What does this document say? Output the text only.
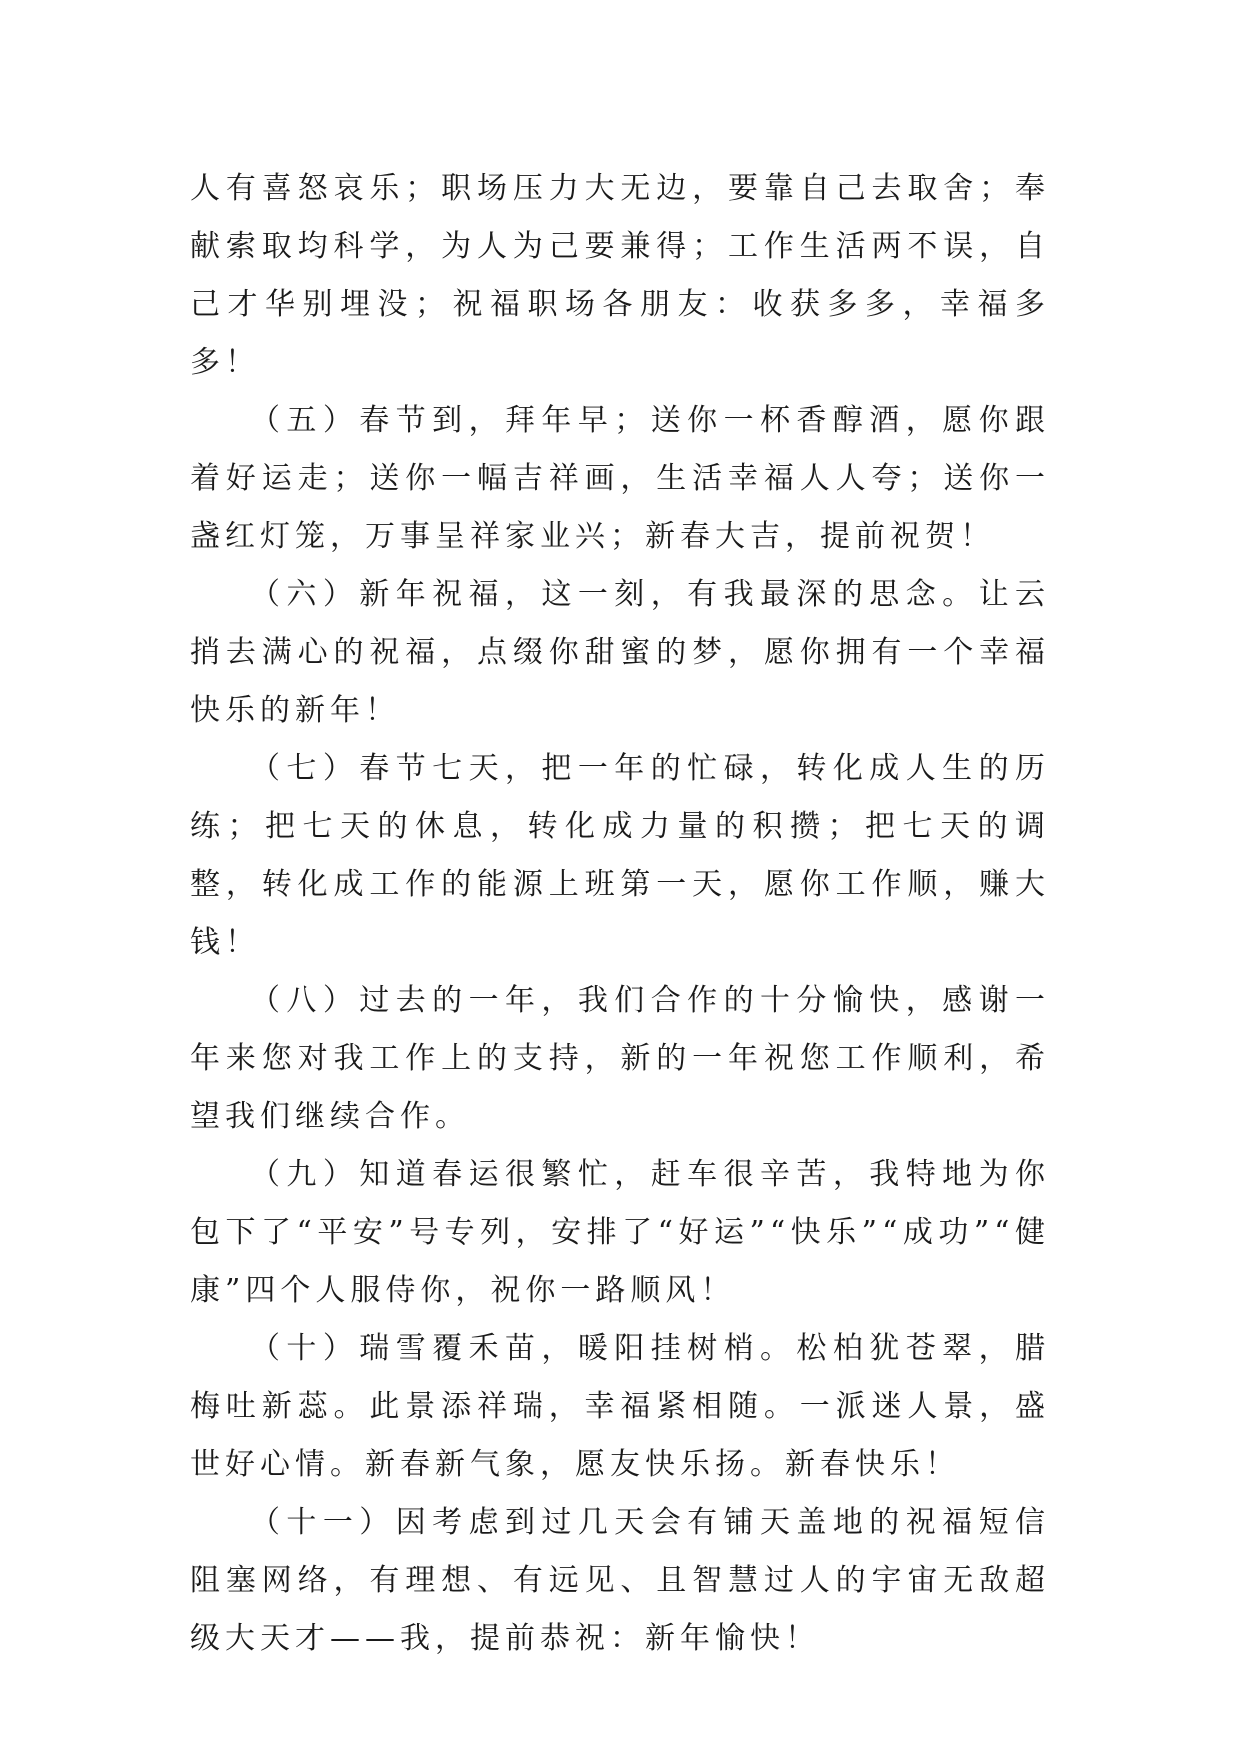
人有喜怒哀乐；职场压力大无边，要靠自己去取舍；奉献索取均科学，为人为己要兼得；工作生活两不误，自己才华别埋没；祝福职场各朋友：收获多多，幸福多多！

（五）春节到，拜年早；送你一杯香醇酒，愿你跟着好运走；送你一幅吉祥画，生活幸福人人夸；送你一盏红灯笼，万事呈祥家业兴；新春大吉，提前祝贺！

（六）新年祝福，这一刻，有我最深的思念。让云捎去满心的祝福，点缀你甜蜜的梦，愿你拥有一个幸福快乐的新年！

（七）春节七天，把一年的忙碌，转化成人生的历练；把七天的休息，转化成力量的积攒；把七天的调整，转化成工作的能源上班第一天，愿你工作顺，赚大钱！

（八）过去的一年，我们合作的十分愉快，感谢一年来您对我工作上的支持，新的一年祝您工作顺利，希望我们继续合作。

（九）知道春运很繁忙，赶车很辛苦，我特地为你包下了“平安”号专列，安排了“好运”“快乐”“成功”“健康”四个人服侍你，祝你一路顺风！

（十）瑞雪覆禾苗，暖阳挂树梢。松柏犹苍翠，腊梅吐新蕊。此景添祥瑞，幸福紧相随。一派迷人景，盛世好心情。新春新气象，愿友快乐扬。新春快乐！

（十一）因考虑到过几天会有铺天盖地的祝福短信阻塞网络，有理想、有远见、且智慧过人的宇宙无敌超级大天才——我，提前恭祝：新年愉快！
